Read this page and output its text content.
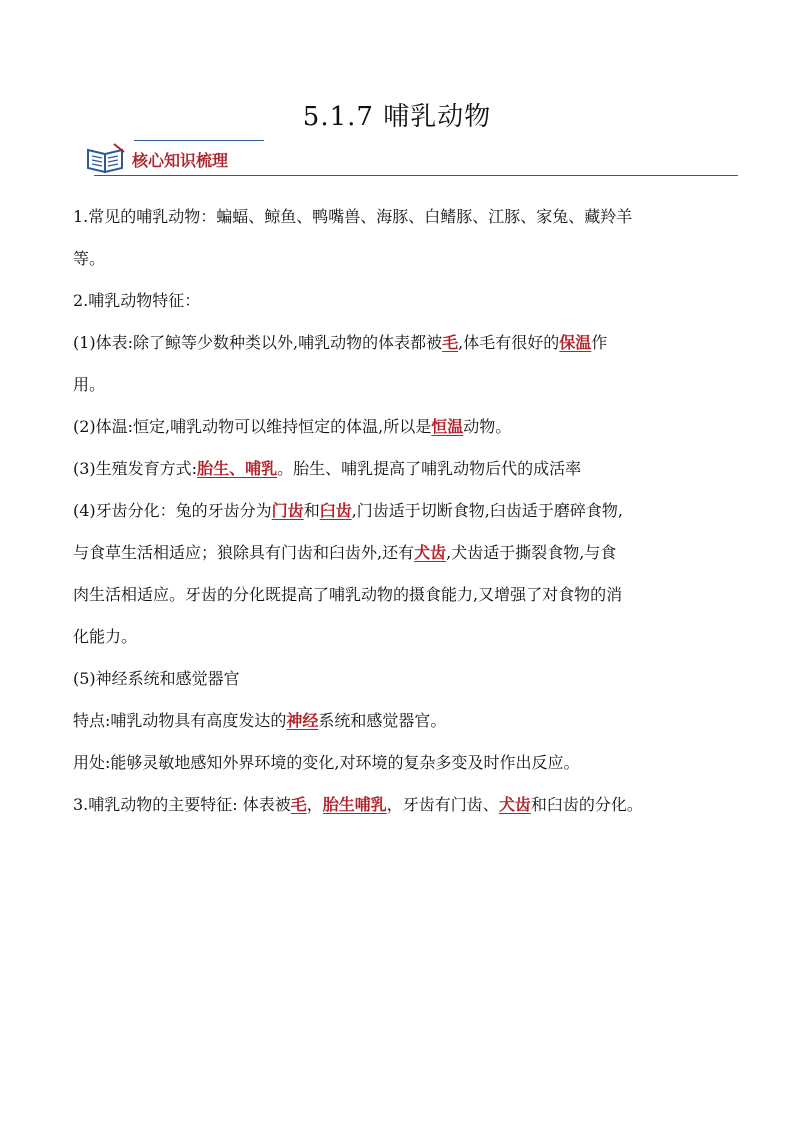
5.1.7 哺乳动物
核心知识梳理

1.常见的哺乳动物：蝙蝠、鲸鱼、鸭嘴兽、海豚、白鳍豚、江豚、家兔、藏羚羊

等。

2.哺乳动物特征：

(1)体表:除了鲸等少数种类以外,哺乳动物的体表都被毛,体毛有很好的保温作

用。

(2)体温:恒定,哺乳动物可以维持恒定的体温,所以是恒温动物。

(3)生殖发育方式:胎生、哺乳。胎生、哺乳提高了哺乳动物后代的成活率

(4)牙齿分化：兔的牙齿分为门齿和臼齿,门齿适于切断食物,臼齿适于磨碎食物,

与食草生活相适应；狼除具有门齿和臼齿外,还有犬齿,犬齿适于撕裂食物,与食

肉生活相适应。牙齿的分化既提高了哺乳动物的摄食能力,又增强了对食物的消

化能力。

(5)神经系统和感觉器官

特点:哺乳动物具有高度发达的神经系统和感觉器官。

用处:能够灵敏地感知外界环境的变化,对环境的复杂多变及时作出反应。

3.哺乳动物的主要特征: 体表被毛，胎生哺乳，牙齿有门齿、犬齿和臼齿的分化。
